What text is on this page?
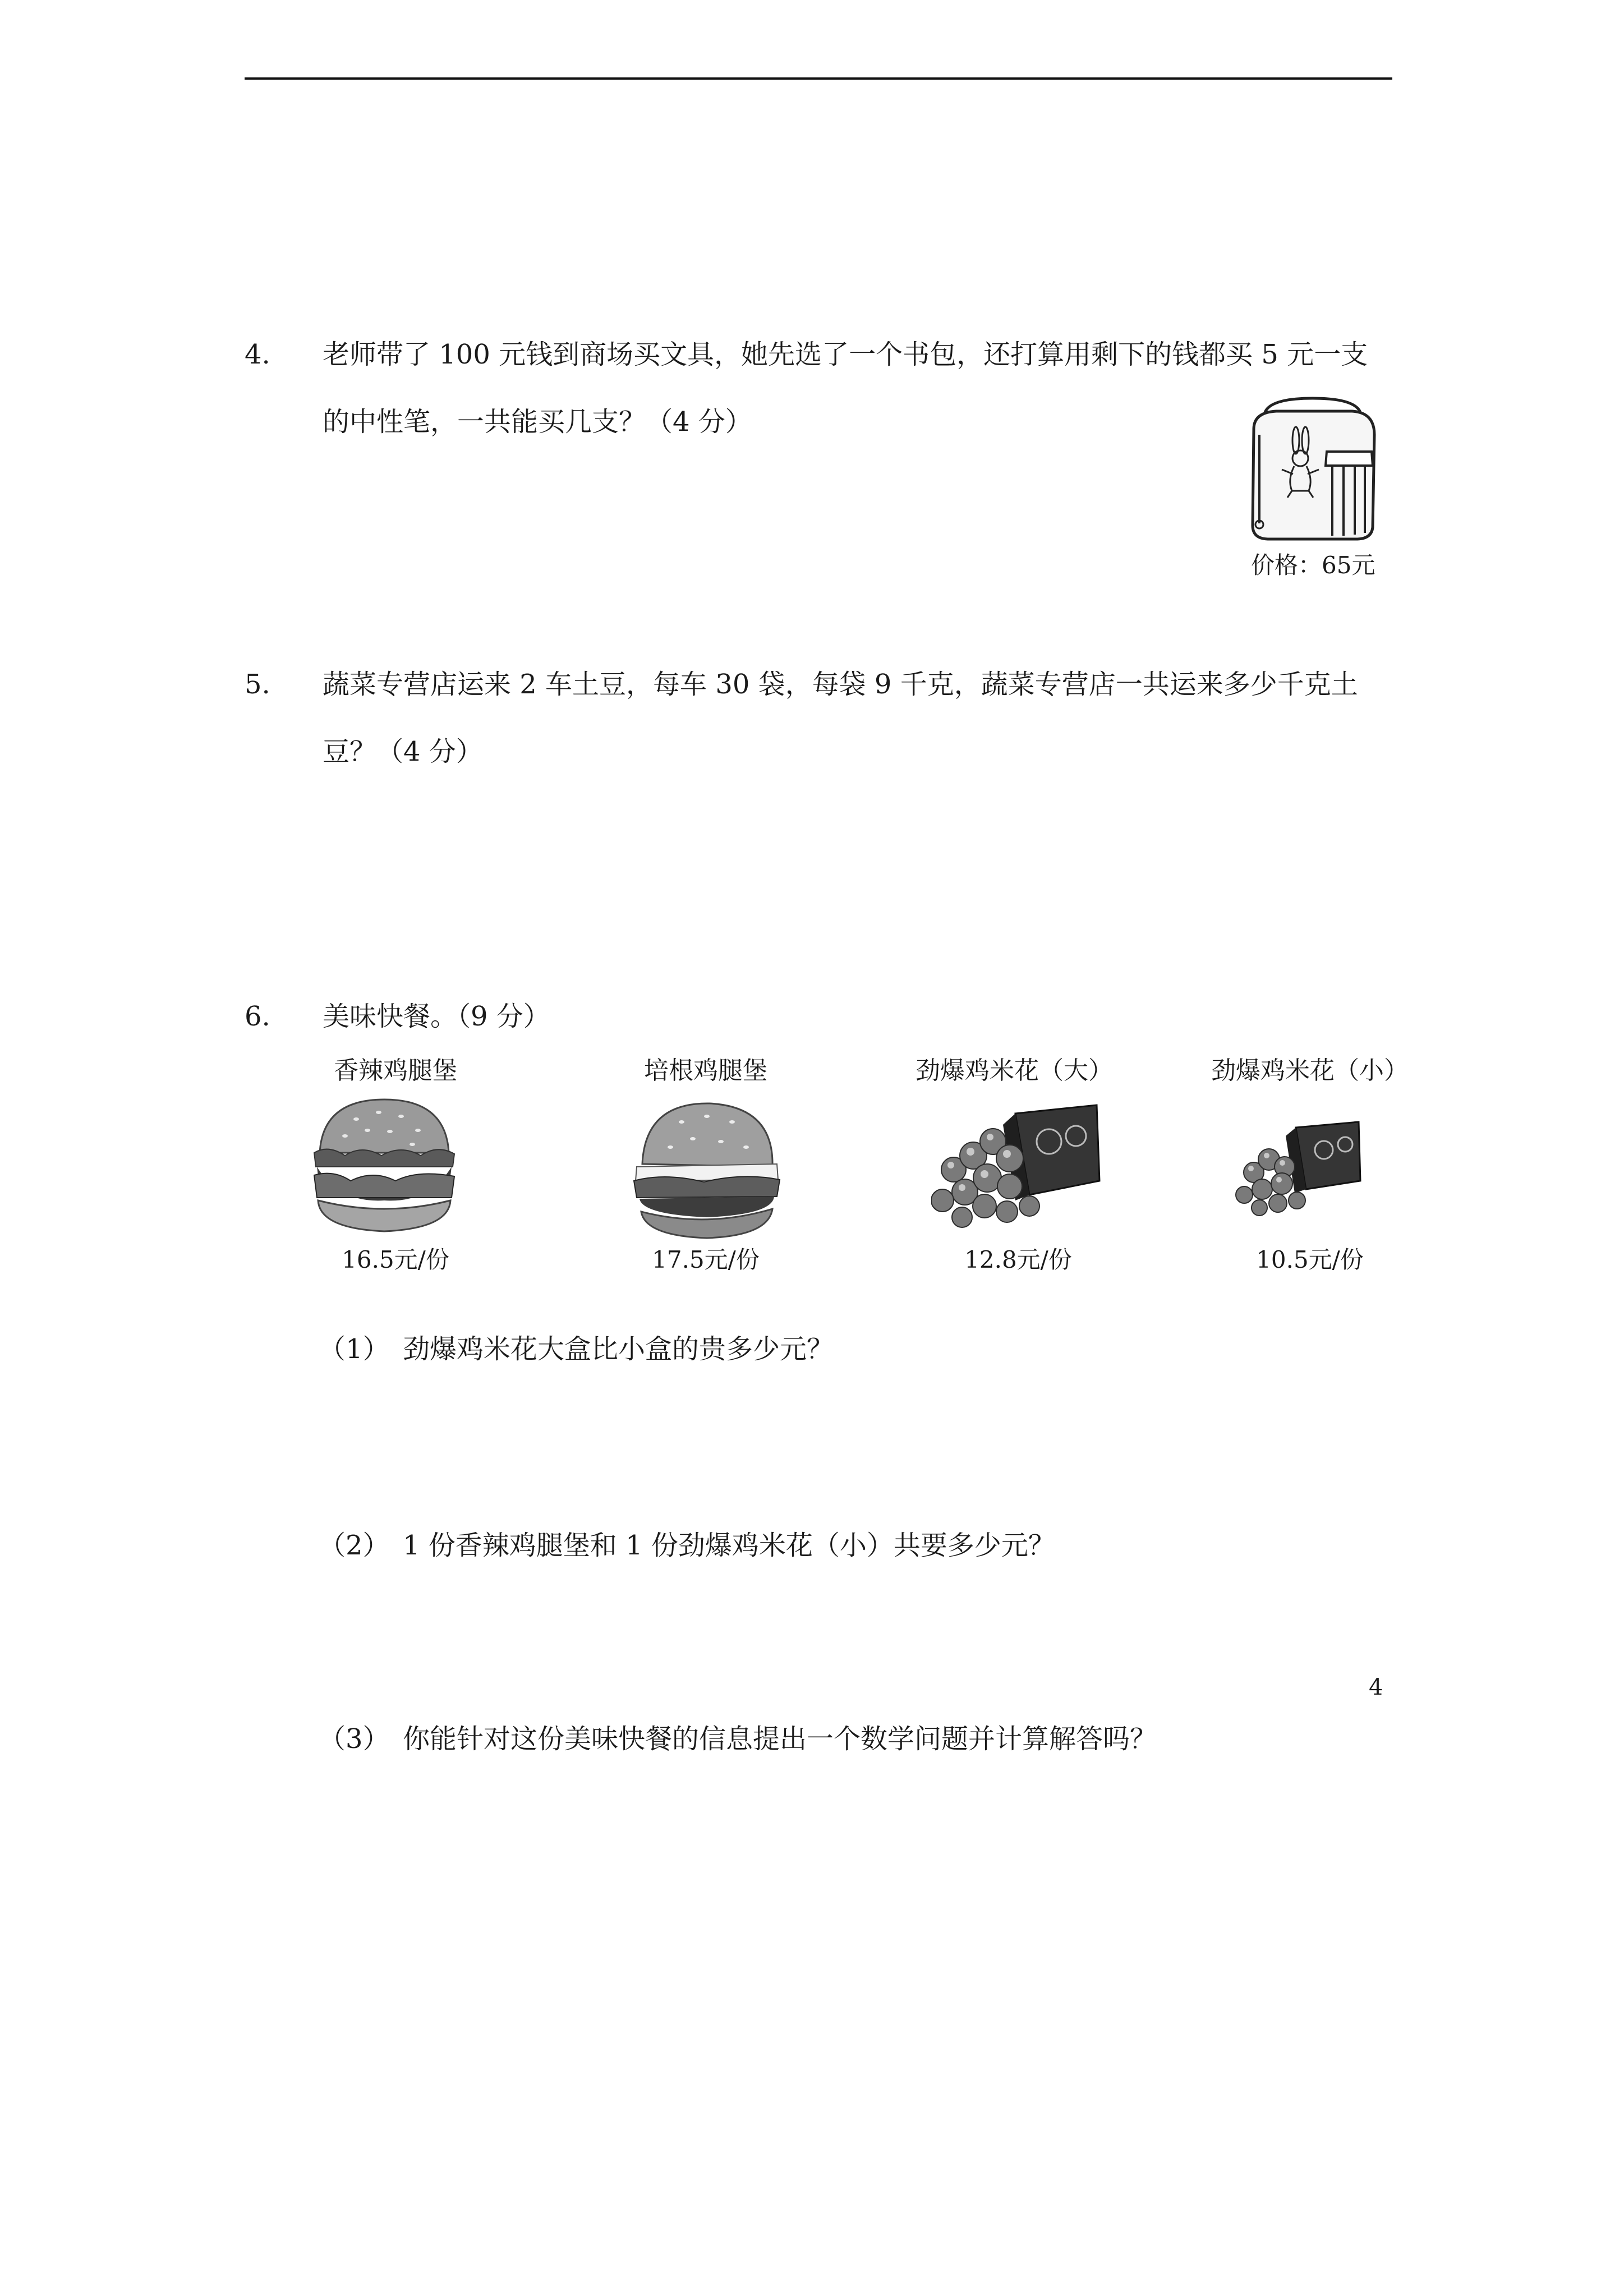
4. 老师带了 100 元钱到商场买文具，她先选了一个书包，还打算用剩下的钱都买 5 元一支
的中性笔，一共能买几支？（4 分）
价格：65元
5. 蔬菜专营店运来 2 车土豆，每车 30 袋，每袋 9 千克，蔬菜专营店一共运来多少千克土
豆？（4 分）
6. 美味快餐。（9 分）
香辣鸡腿堡
16.5元/份
培根鸡腿堡
17.5元/份
劲爆鸡米花（大）
12.8元/份
劲爆鸡米花（小）
10.5元/份
（1） 劲爆鸡米花大盒比小盒的贵多少元？
（2） 1 份香辣鸡腿堡和 1 份劲爆鸡米花（小）共要多少元？
（3） 你能针对这份美味快餐的信息提出一个数学问题并计算解答吗？
4
